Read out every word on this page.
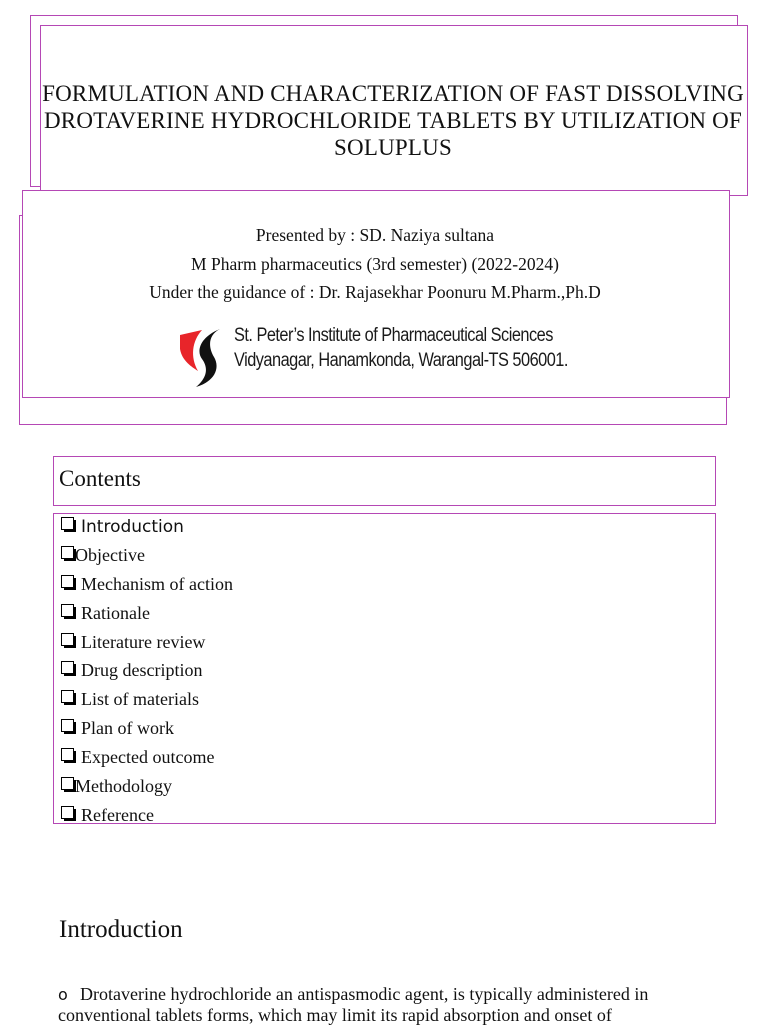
FORMULATION AND CHARACTERIZATION OF FAST DISSOLVING DROTAVERINE HYDROCHLORIDE TABLETS BY UTILIZATION OF SOLUPLUS
Presented by : SD. Naziya sultana
M Pharm pharmaceutics (3rd semester) (2022-2024)
Under the guidance of : Dr. Rajasekhar Poonuru M.Pharm.,Ph.D
St. Peter’s Institute of Pharmaceutical Sciences
Vidyanagar, Hanamkonda, Warangal-TS 506001.
Contents
Introduction
Objective
Mechanism of action
Rationale
Literature review
Drug description
List of materials
Plan of work
Expected outcome
Methodology
Reference
Introduction
o Drotaverine hydrochloride an antispasmodic agent, is typically administered in conventional tablets forms, which may limit its rapid absorption and onset of
